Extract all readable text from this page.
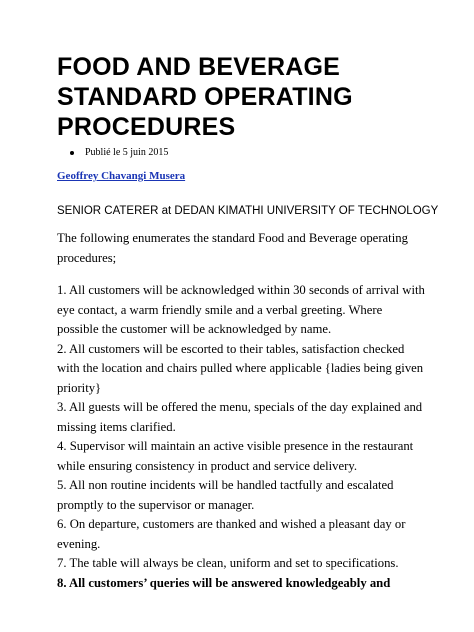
FOOD AND BEVERAGE
STANDARD OPERATING
PROCEDURES
Publié le 5 juin 2015
Geoffrey Chavangi Musera
SENIOR CATERER at DEDAN KIMATHI UNIVERSITY OF TECHNOLOGY

The following enumerates the standard Food and Beverage operating procedures;

1. All customers will be acknowledged within 30 seconds of arrival with eye contact, a warm friendly smile and a verbal greeting. Where possible the customer will be acknowledged by name.

2. All customers will be escorted to their tables, satisfaction checked with the location and chairs pulled where applicable {ladies being given priority}

3. All guests will be offered the menu, specials of the day explained and missing items clarified.

4. Supervisor will maintain an active visible presence in the restaurant while ensuring consistency in product and service delivery.

5. All non routine incidents will be handled tactfully and escalated promptly to the supervisor or manager.

6. On departure, customers are thanked and wished a pleasant day or evening.

7. The table will always be clean, uniform and set to specifications.

8. All customers’ queries will be answered knowledgeably and
